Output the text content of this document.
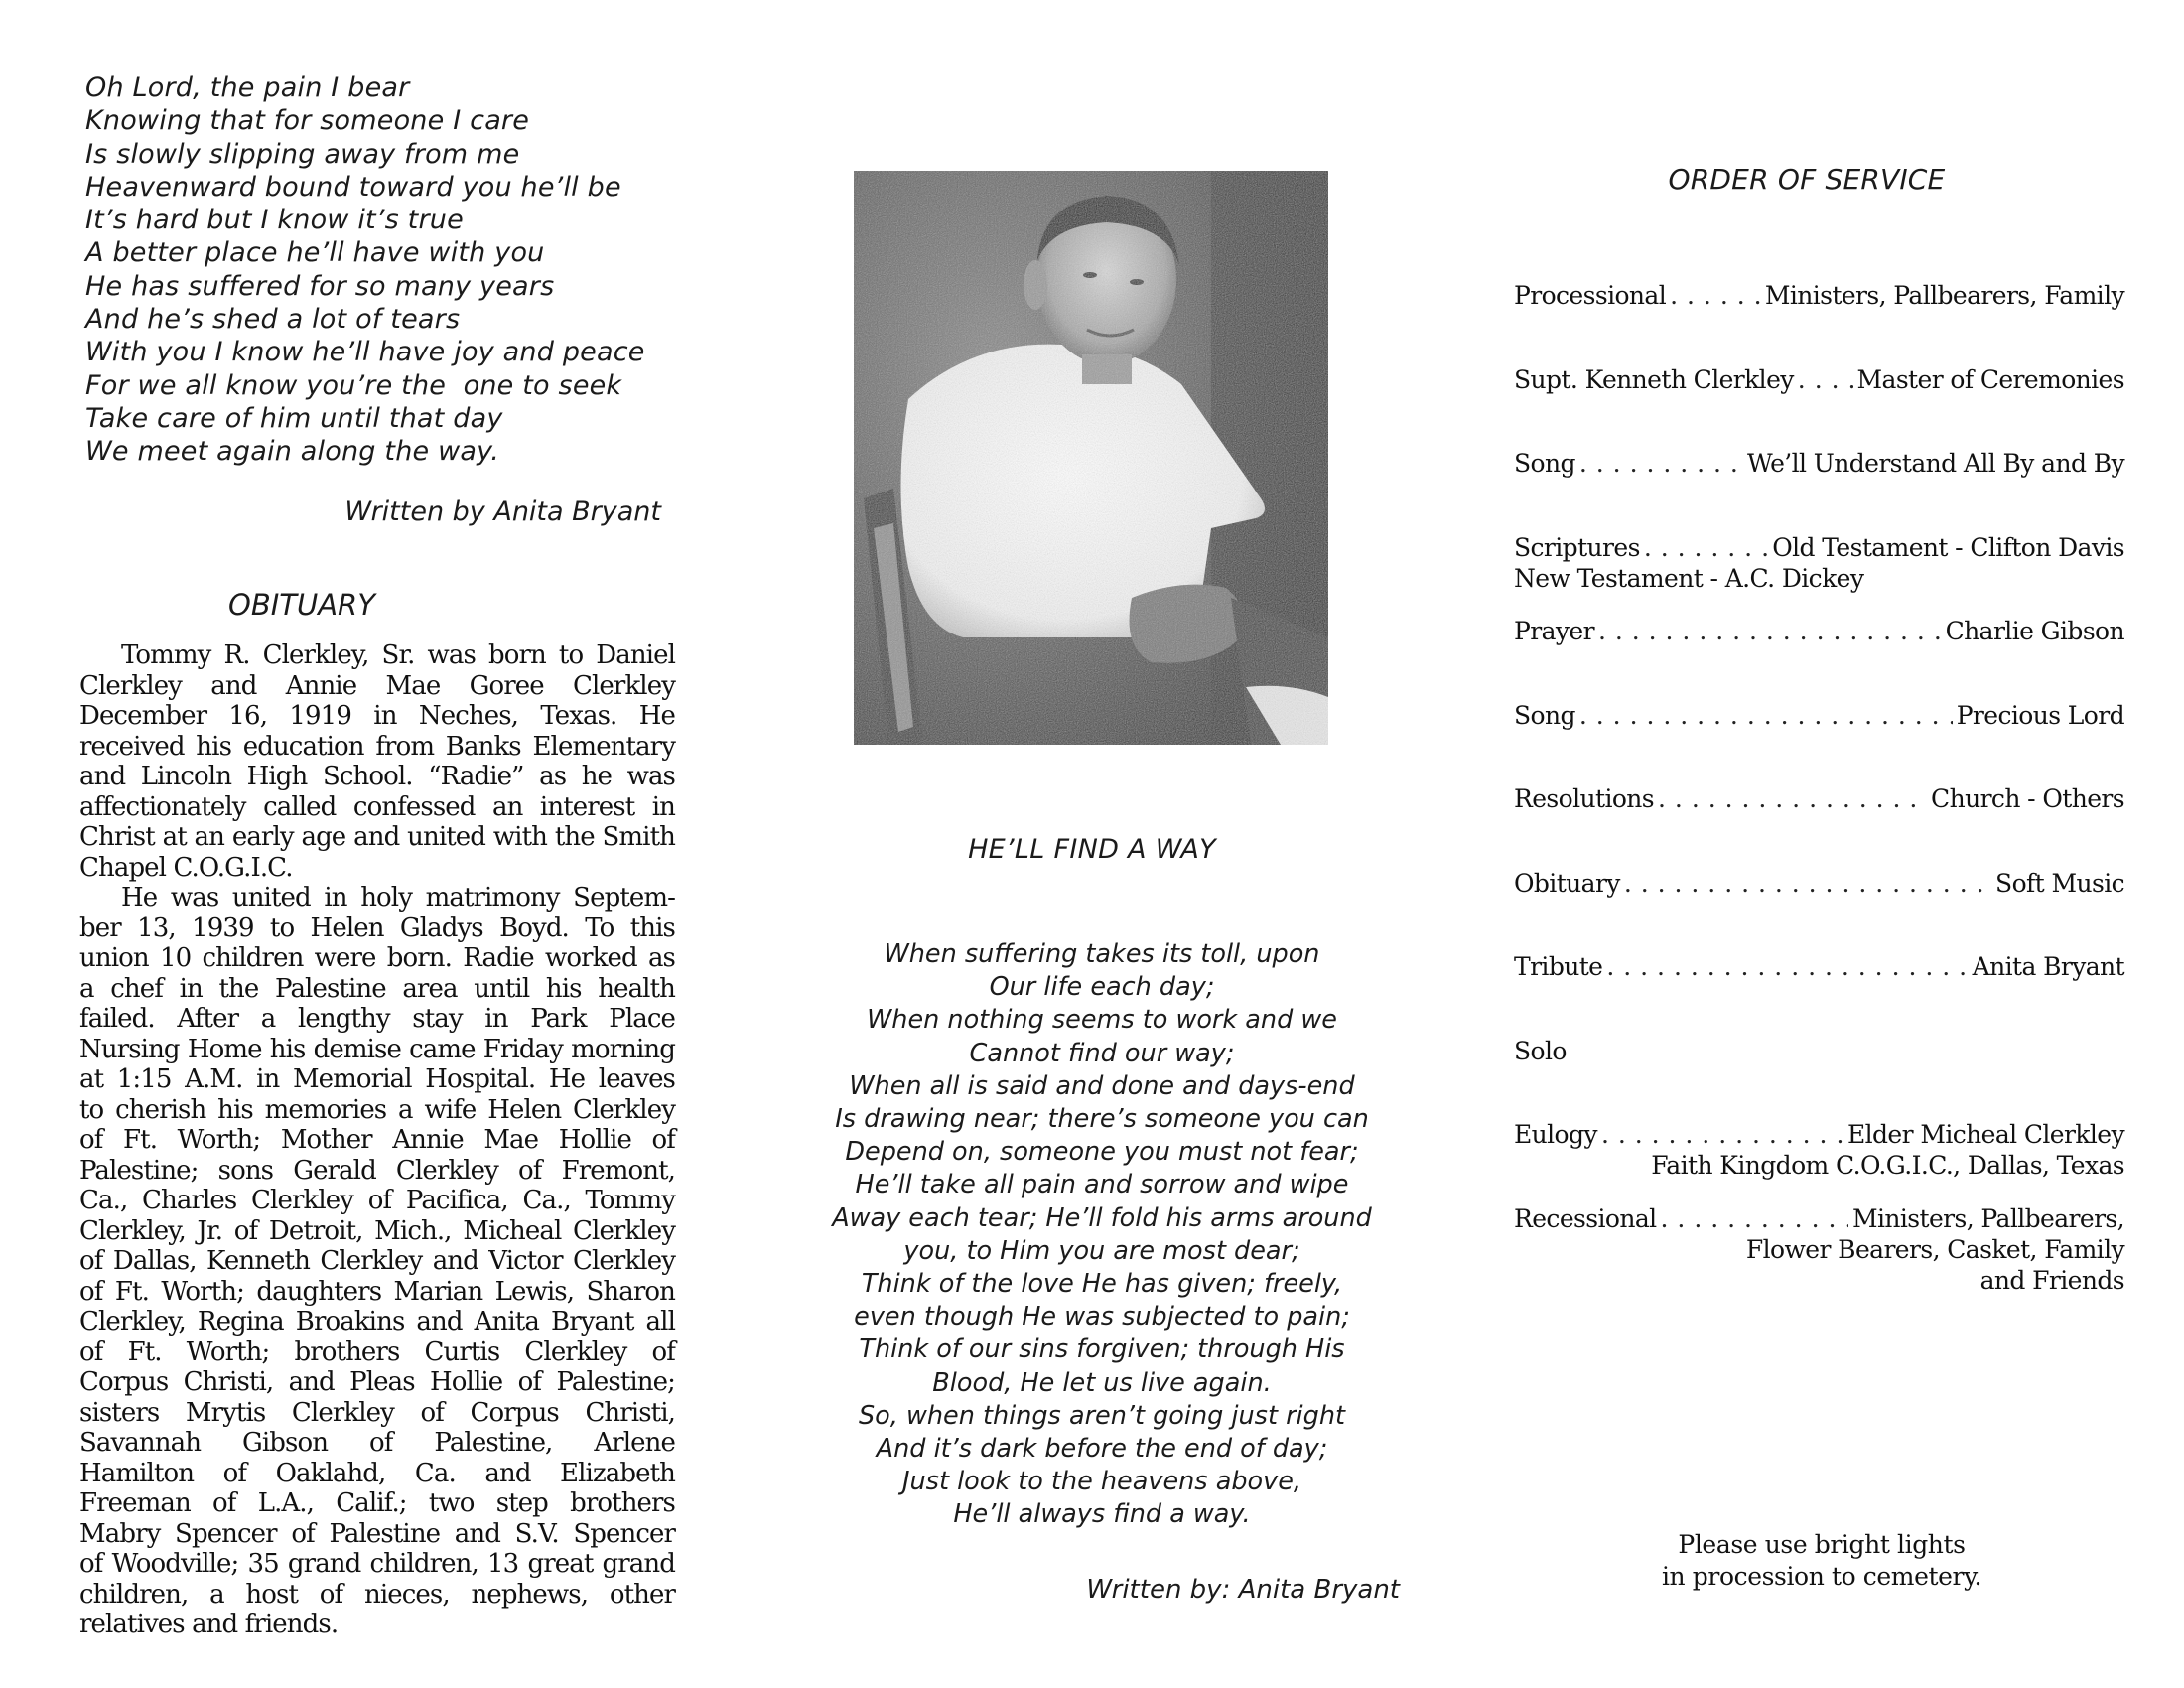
Oh Lord, the pain I bear
Knowing that for someone I care
Is slowly slipping away from me
Heavenward bound toward you he’ll be
It’s hard but I know it’s true
A better place he’ll have with you
He has suffered for so many years
And he’s shed a lot of tears
With you I know he’ll have joy and peace
For we all know you’re the  one to seek
Take care of him until that day
We meet again along the way.
Written by Anita Bryant
OBITUARY
Tommy R. Clerkley, Sr. was born to Daniel
Clerkley and Annie Mae Goree Clerkley
December 16, 1919 in Neches, Texas. He
received his education from Banks Elementary
and Lincoln High School. “Radie” as he was
affectionately called confessed an interest in
Christ at an early age and united with the Smith
Chapel C.O.G.I.C.
He was united in holy matrimony Septem-
ber 13, 1939 to Helen Gladys Boyd. To this
union 10 children were born. Radie worked as
a chef in the Palestine area until his health
failed. After a lengthy stay in Park Place
Nursing Home his demise came Friday morning
at 1:15 A.M. in Memorial Hospital. He leaves
to cherish his memories a wife Helen Clerkley
of Ft. Worth; Mother Annie Mae Hollie of
Palestine; sons Gerald Clerkley of Fremont,
Ca., Charles Clerkley of Pacifica, Ca., Tommy
Clerkley, Jr. of Detroit, Mich., Micheal Clerkley
of Dallas, Kenneth Clerkley and Victor Clerkley
of Ft. Worth; daughters Marian Lewis, Sharon
Clerkley, Regina Broakins and Anita Bryant all
of Ft. Worth; brothers Curtis Clerkley of
Corpus Christi, and Pleas Hollie of Palestine;
sisters Mrytis Clerkley of Corpus Christi,
Savannah Gibson of Palestine, Arlene
Hamilton of Oaklahd, Ca. and Elizabeth
Freeman of L.A., Calif.; two step brothers
Mabry Spencer of Palestine and S.V. Spencer
of Woodville; 35 grand children, 13 great grand
children, a host of nieces, nephews, other
relatives and friends.
HE’LL FIND A WAY
When suffering takes its toll, upon
Our life each day;
When nothing seems to work and we
Cannot find our way;
When all is said and done and days-end
Is drawing near; there’s someone you can
Depend on, someone you must not fear;
He’ll take all pain and sorrow and wipe
Away each tear; He’ll fold his arms around
you, to Him you are most dear;
Think of the love He has given; freely,
even though He was subjected to pain;
Think of our sins forgiven; through His
Blood, He let us live again.
So, when things aren’t going just right
And it’s dark before the end of day;
Just look to the heavens above,
He’ll always find a way.
Written by: Anita Bryant
ORDER OF SERVICE
Processional . . .	Ministers, Pallbearers, Family
Supt. Kenneth Clerkley . . .	Master of Ceremonies
Song . . .	We’ll Understand All By and By
Scriptures . . .	Old Testament - Clifton Davis
New Testament - A.C. Dickey
Prayer . . .	Charlie Gibson
Song . . .	Precious Lord
Resolutions . . .	Church - Others
Obituary . . .	Soft Music
Tribute . . .	Anita Bryant
Solo
Eulogy . . .	Elder Micheal Clerkley
Faith Kingdom C.O.G.I.C., Dallas, Texas
Recessional . . .	Ministers, Pallbearers,
Flower Bearers, Casket, Family
and Friends
Please use bright lights
in procession to cemetery.
